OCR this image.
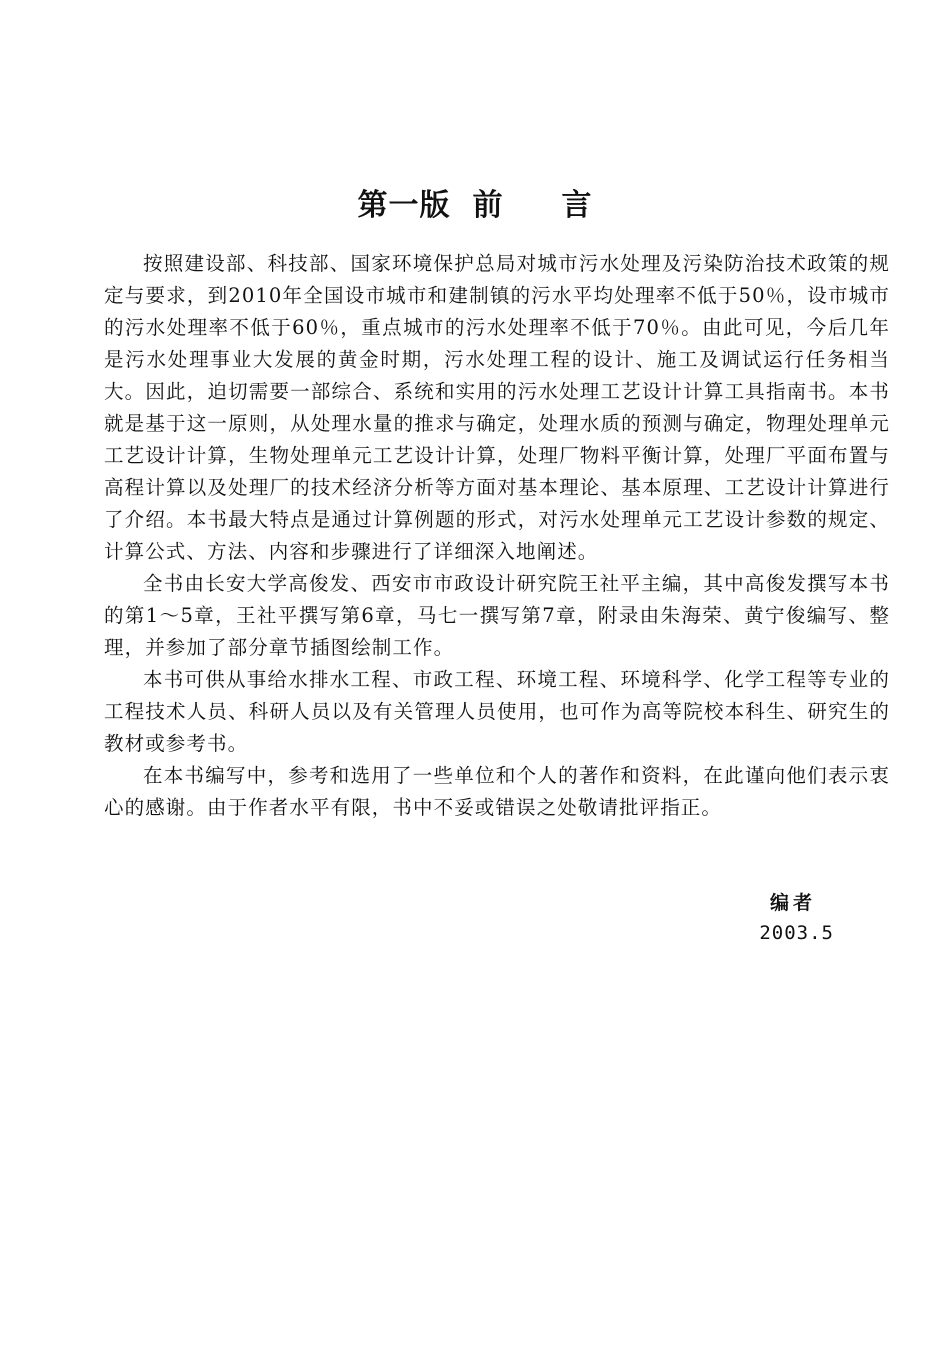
第一版 前 言

按照建设部、科技部、国家环境保护总局对城市污水处理及污染防治技术政策的规定与要求，到2010年全国设市城市和建制镇的污水平均处理率不低于50％，设市城市的污水处理率不低于60％，重点城市的污水处理率不低于70％。由此可见，今后几年是污水处理事业大发展的黄金时期，污水处理工程的设计、施工及调试运行任务相当大。因此，迫切需要一部综合、系统和实用的污水处理工艺设计计算工具指南书。本书就是基于这一原则，从处理水量的推求与确定，处理水质的预测与确定，物理处理单元工艺设计计算，生物处理单元工艺设计计算，处理厂物料平衡计算，处理厂平面布置与高程计算以及处理厂的技术经济分析等方面对基本理论、基本原理、工艺设计计算进行了介绍。本书最大特点是通过计算例题的形式，对污水处理单元工艺设计参数的规定、计算公式、方法、内容和步骤进行了详细深入地阐述。

全书由长安大学高俊发、西安市市政设计研究院王社平主编，其中高俊发撰写本书的第1～5章，王社平撰写第6章，马七一撰写第7章，附录由朱海荣、黄宁俊编写、整理，并参加了部分章节插图绘制工作。

本书可供从事给水排水工程、市政工程、环境工程、环境科学、化学工程等专业的工程技术人员、科研人员以及有关管理人员使用，也可作为高等院校本科生、研究生的教材或参考书。

在本书编写中，参考和选用了一些单位和个人的著作和资料，在此谨向他们表示衷心的感谢。由于作者水平有限，书中不妥或错误之处敬请批评指正。

编者
2003.5
